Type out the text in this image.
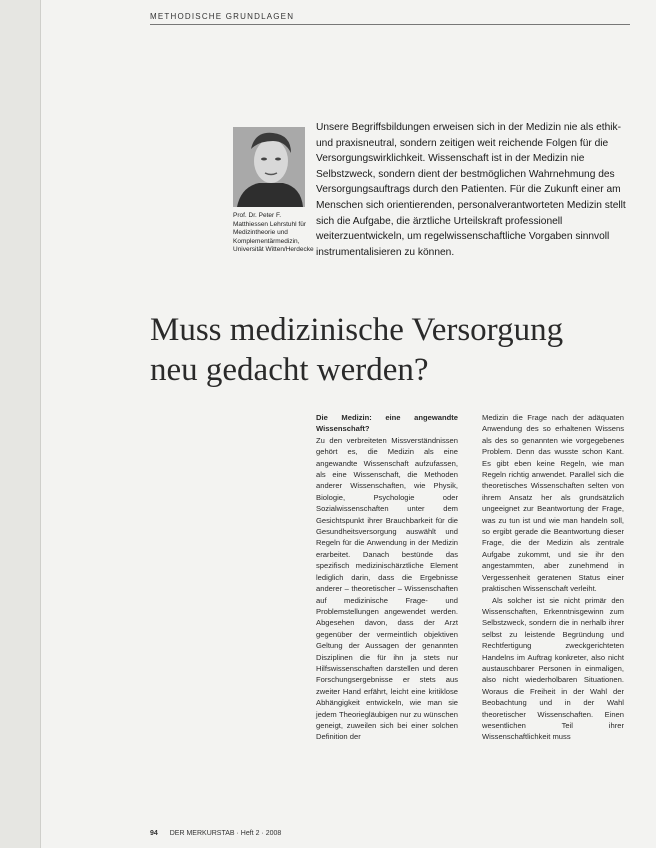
METHODISCHE GRUNDLAGEN
Prof. Dr. Peter F. Matthiessen Lehrstuhl für Medizintheorie und Komplementärmedizin, Universität Witten/Herdecke
Unsere Begriffsbildungen erweisen sich in der Medizin nie als ethik- und praxisneutral, sondern zeitigen weit reichende Folgen für die Versorgungswirklichkeit. Wissenschaft ist in der Medizin nie Selbstzweck, sondern dient der bestmöglichen Wahrnehmung des Versorgungsauftrags durch den Patienten. Für die Zukunft einer am Menschen sich orientierenden, personalverantworteten Medizin stellt sich die Aufgabe, die ärztliche Urteilskraft professionell weiterzuentwickeln, um regelwissenschaftliche Vorgaben sinnvoll instrumentalisieren zu können.
Muss medizinische Versorgung
neu gedacht werden?

Die Medizin: eine angewandte Wissenschaft?

Zu den verbreiteten Missverständnissen gehört es, die Medizin als eine angewandte Wissenschaft aufzufassen, als eine Wissenschaft, die Methoden anderer Wissenschaften, wie Physik, Biologie, Psychologie oder Sozialwissenschaften unter dem Gesichtspunkt ihrer Brauchbarkeit für die Gesundheitsversorgung auswählt und Regeln für die Anwendung in der Medizin erarbeitet. Danach bestünde das spezifisch medizinischärztliche Element lediglich darin, dass die Ergebnisse anderer – theoretischer – Wissenschaften auf medizinische Frage- und Problemstellungen angewendet werden. Abgesehen davon, dass der Arzt gegenüber der vermeintlich objektiven Geltung der Aussagen der genannten Disziplinen die für ihn ja stets nur Hilfswissenschaften darstellen und deren Forschungsergebnisse er stets aus zweiter Hand erfährt, leicht eine kritiklose Abhängigkeit entwickeln, wie man sie jedem Theoriegläubigen nur zu wünschen geneigt, zuweilen sich bei einer solchen Definition der

Medizin die Frage nach der adäquaten Anwendung des so erhaltenen Wissens als des so genannten wie vorgegebenes Problem. Denn das wusste schon Kant. Es gibt eben keine Regeln, wie man Regeln richtig anwendet. Parallel sich die theoretisches Wissenschaften selten von ihrem Ansatz her als grundsätzlich ungeeignet zur Beantwortung der Frage, was zu tun ist und wie man handeln soll, so ergibt gerade die Beantwortung dieser Frage, die der Medizin als zentrale Aufgabe zukommt, und sie ihr den angestammten, aber zunehmend in Vergessenheit geratenen Status einer praktischen Wissenschaft verleiht.

Als solcher ist sie nicht primär den Wissenschaften, Erkenntnisgewinn zum Selbstzweck, sondern die in nerhalb ihrer selbst zu leistende Begründung und Rechtfertigung zweckgerichteten Handelns im Auftrag konkreter, also nicht austauschbarer Personen in einmaligen, also nicht wiederholbaren Situationen. Woraus die Freiheit in der Wahl der Beobachtung und in der Wahl theoretischer Wissenschaften. Einen wesentlichen Teil ihrer Wissenschaftlichkeit muss

94 DER MERKURSTAB · Heft 2 · 2008
